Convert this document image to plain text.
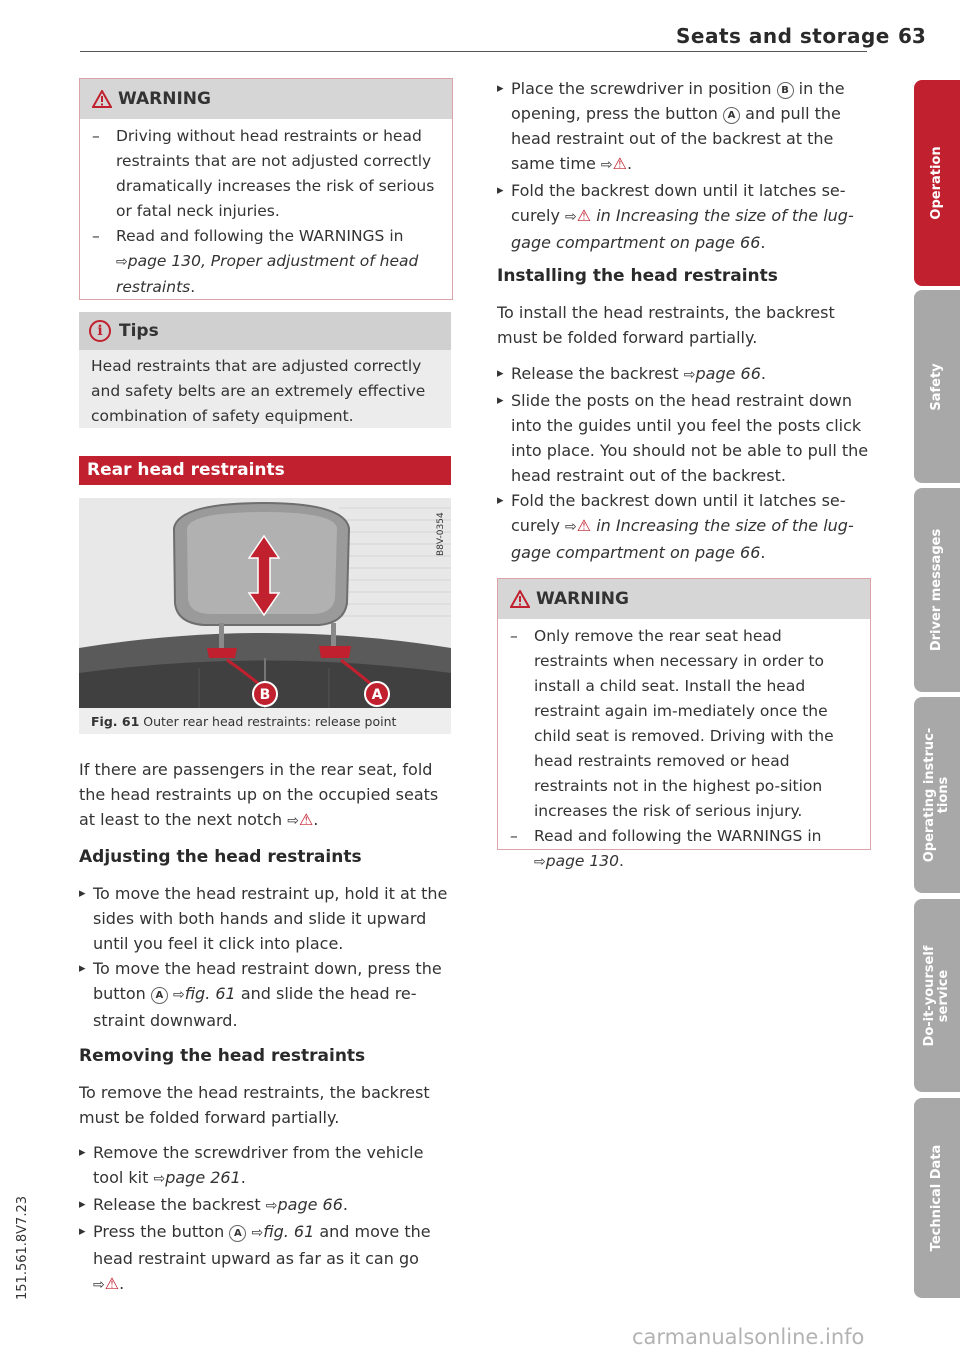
Seats and storage 63
Operation
Safety
Driver messages
Operating instruc-
tions
Do-it-yourself
service
Technical Data
WARNING
– Driving without head restraints or head restraints that are not adjusted correctly dramatically increases the risk of serious or fatal neck injuries.
– Read and following the WARNINGS in ⇨page 130, Proper adjustment of head restraints.
i Tips
Head restraints that are adjusted correctly and safety belts are an extremely effective combination of safety equipment.
Rear head restraints
B	A
B8V-0354
Fig. 61 Outer rear head restraints: release point
If there are passengers in the rear seat, fold the head restraints up on the occupied seats at least to the next notch ⇨⚠.
Adjusting the head restraints
▸ To move the head restraint up, hold it at the sides with both hands and slide it upward until you feel it click into place.
▸ To move the head restraint down, press the button A ⇨fig. 61 and slide the head re-straint downward.
Removing the head restraints
To remove the head restraints, the backrest must be folded forward partially.
▸ Remove the screwdriver from the vehicle tool kit ⇨page 261.
▸ Release the backrest ⇨page 66.
▸ Press the button A ⇨fig. 61 and move the head restraint upward as far as it can go ⇨⚠.
▸ Place the screwdriver in position B in the opening, press the button A and pull the head restraint out of the backrest at the same time ⇨⚠.
▸ Fold the backrest down until it latches se-curely ⇨⚠ in Increasing the size of the lug-gage compartment on page 66.
Installing the head restraints
To install the head restraints, the backrest must be folded forward partially.
▸ Release the backrest ⇨page 66.
▸ Slide the posts on the head restraint down into the guides until you feel the posts click into place. You should not be able to pull the head restraint out of the backrest.
▸ Fold the backrest down until it latches se-curely ⇨⚠ in Increasing the size of the lug-gage compartment on page 66.
WARNING
– Only remove the rear seat head restraints when necessary in order to install a child seat. Install the head restraint again im-mediately once the child seat is removed. Driving with the head restraints removed or head restraints not in the highest po-sition increases the risk of serious injury.
– Read and following the WARNINGS in ⇨page 130.
151.561.8V7.23
carmanualsonline.info
